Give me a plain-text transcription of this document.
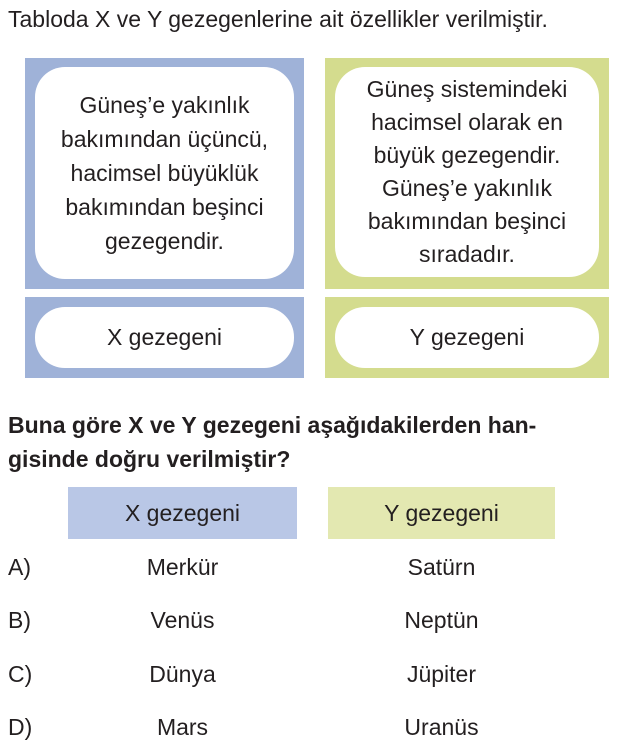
Tabloda X ve Y gezegenlerine ait özellikler verilmiştir.
Güneş’e yakınlık
bakımından üçüncü,
hacimsel büyüklük
bakımından beşinci
gezegendir.
X gezegeni
Güneş sistemindeki
hacimsel olarak en
büyük gezegendir.
Güneş’e yakınlık
bakımından beşinci
sıradadır.
Y gezegeni
Buna göre X ve Y gezegeni aşağıdakilerden han-
gisinde doğru verilmiştir?
X gezegeni	Y gezegeni
A)	Merkür	Satürn
B)	Venüs	Neptün
C)	Dünya	Jüpiter
D)	Mars	Uranüs
